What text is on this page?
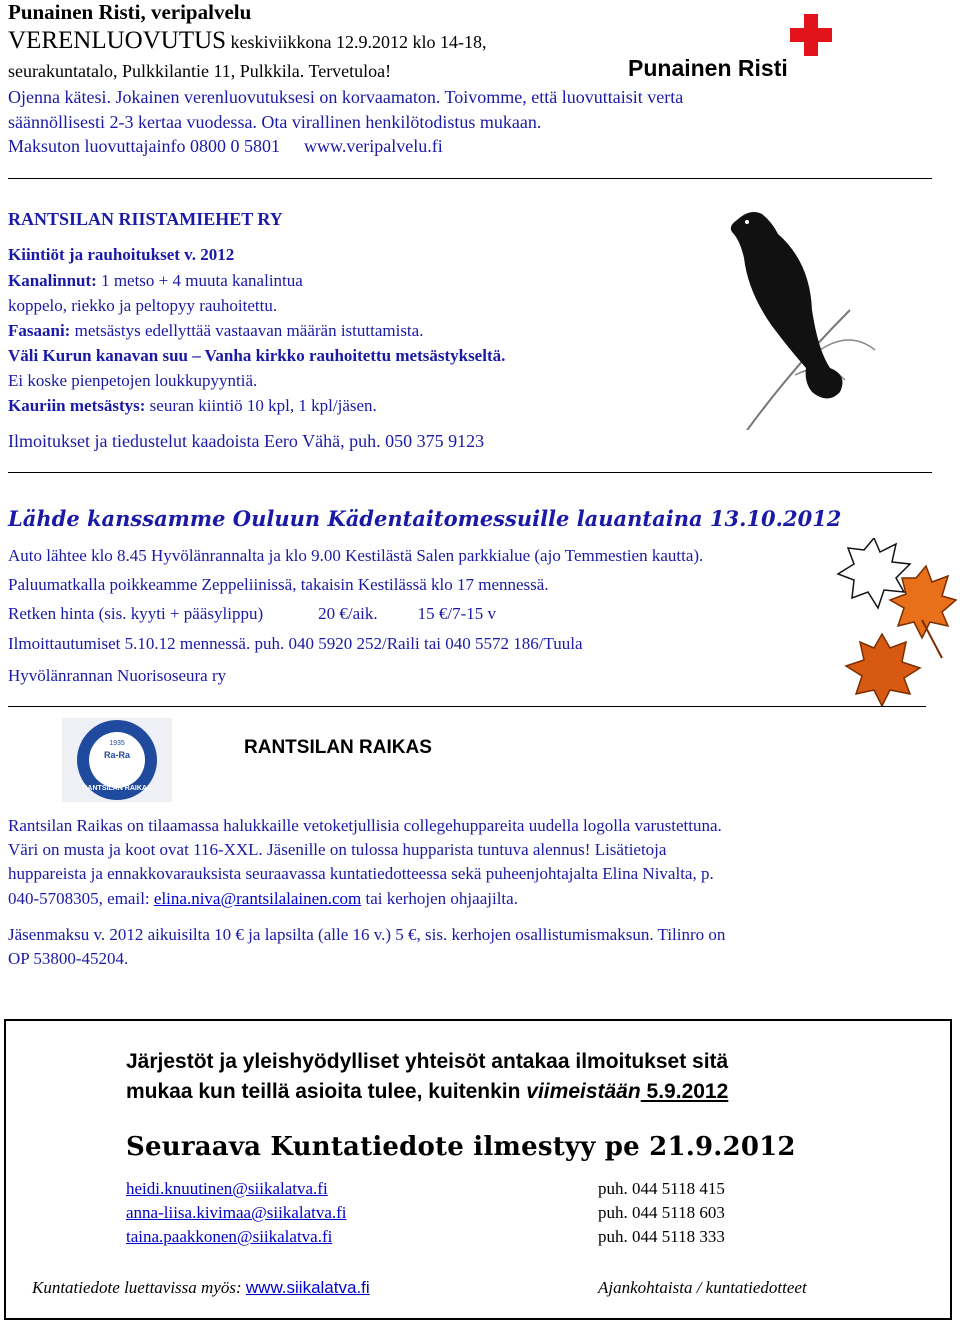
Punainen Risti, veripalvelu
VERENLUOVUTUS keskiviikkona 12.9.2012 klo 14-18,
seurakuntatalo, Pulkkilantie 11, Pulkkila. Tervetuloa!
Ojenna kätesi. Jokainen verenluovutuksesi on korvaamaton. Toivomme, että luovuttaisit verta
säännöllisesti 2-3 kertaa vuodessa. Ota virallinen henkilötodistus mukaan.
Maksuton luovuttajainfo 0800 0 5801 www.veripalvelu.fi
Punainen Risti
RANTSILAN RIISTAMIEHET RY
Kiintiöt ja rauhoitukset v. 2012
Kanalinnut: 1 metso + 4 muuta kanalintua
koppelo, riekko ja peltopyy rauhoitettu.
Fasaani: metsästys edellyttää vastaavan määrän istuttamista.
Väli Kurun kanavan suu – Vanha kirkko rauhoitettu metsästykseltä.
Ei koske pienpetojen loukkupyyntiä.
Kauriin metsästys: seuran kiintiö 10 kpl, 1 kpl/jäsen.
Ilmoitukset ja tiedustelut kaadoista Eero Vähä, puh. 050 375 9123
Lähde kanssamme Ouluun Kädentaitomessuille lauantaina 13.10.2012
Auto lähtee klo 8.45 Hyvölänrannalta ja klo 9.00 Kestilästä Salen parkkialue (ajo Temmestien kautta).
Paluumatkalla poikkeamme Zeppeliinissä, takaisin Kestilässä klo 17 mennessä.
Retken hinta (sis. kyyti + pääsylippu)	20 €/aik. 15 €/7-15 v
Ilmoittautumiset 5.10.12 mennessä. puh. 040 5920 252/Raili tai 040 5572 186/Tuula
Hyvölänrannan Nuorisoseura ry
1935
Ra-Ra
RANTSILAN RAIKAS
RANTSILAN RAIKAS
Rantsilan Raikas on tilaamassa halukkaille vetoketjullisia collegehuppareita uudella logolla varustettuna.
Väri on musta ja koot ovat 116-XXL. Jäsenille on tulossa hupparista tuntuva alennus! Lisätietoja
huppareista ja ennakkovarauksista seuraavassa kuntatiedotteessa sekä puheenjohtajalta Elina Nivalta, p.
040-5708305, email: elina.niva@rantsilalainen.com tai kerhojen ohjaajilta.
Jäsenmaksu v. 2012 aikuisilta 10 € ja lapsilta (alle 16 v.) 5 €, sis. kerhojen osallistumismaksun. Tilinro on
OP 53800-45204.
Järjestöt ja yleishyödylliset yhteisöt antakaa ilmoitukset sitä
mukaa kun teillä asioita tulee, kuitenkin viimeistään 5.9.2012
Seuraava Kuntatiedote ilmestyy pe 21.9.2012
heidi.knuutinen@siikalatva.fi	puh. 044 5118 415
anna-liisa.kivimaa@siikalatva.fi	puh. 044 5118 603
taina.paakkonen@siikalatva.fi	puh. 044 5118 333
Kuntatiedote luettavissa myös: www.siikalatva.fi	Ajankohtaista / kuntatiedotteet
